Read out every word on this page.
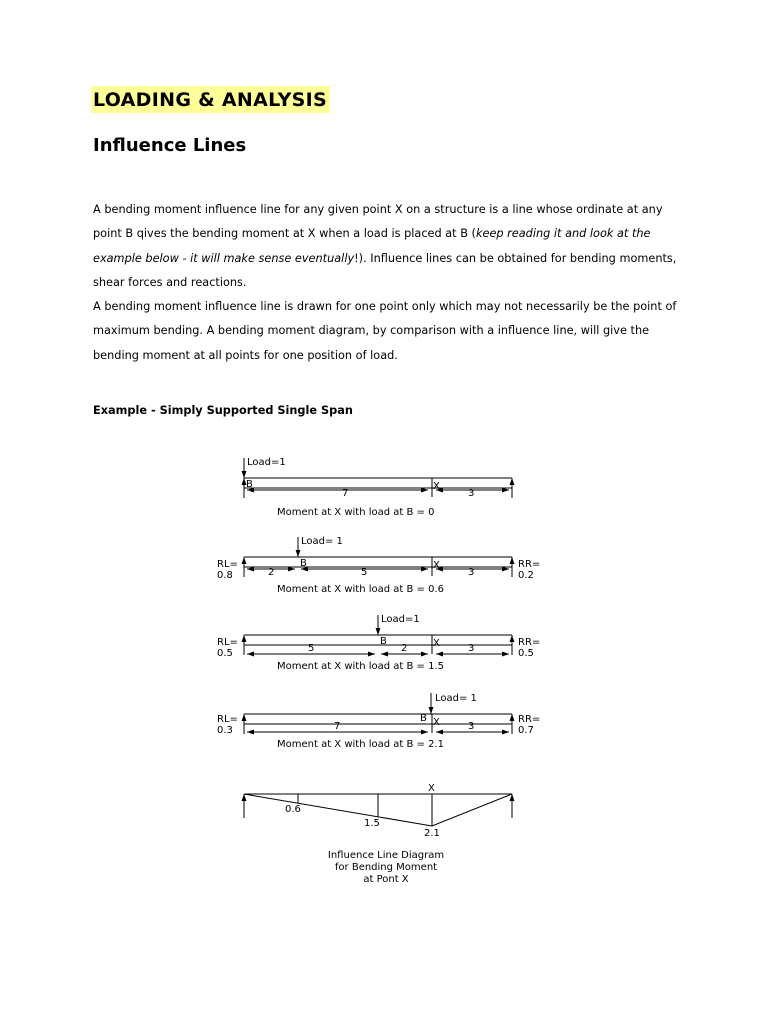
LOADING & ANALYSIS
Influence Lines

A bending moment influence line for any given point X on a structure is a line whose ordinate at any point B qives the bending moment at X when a load is placed at B (keep reading it and look at the example below - it will make sense eventually!). Influence lines can be obtained for bending moments, shear forces and reactions.

A bending moment influence line is drawn for one point only which may not necessarily be the point of maximum bending. A bending moment diagram, by comparison with a influence line, will give the bending moment at all points for one position of load.

Example - Simply Supported Single Span

Load=1
B	X
7	3
Moment at X with load at B = 0
Load= 1
B	X
RL=
0.8
RR=
0.2
2	5	3
Moment at X with load at B = 0.6
Load=1
B	X
RL=
0.5
RR=
0.5
5	2	3
Moment at X with load at B = 1.5
Load= 1
B X
RL=
0.3
RR=
0.7
7	3
Moment at X with load at B = 2.1
X
0.6
1.5
2.1
Influence Line Diagram
for Bending Moment
at Pont X
